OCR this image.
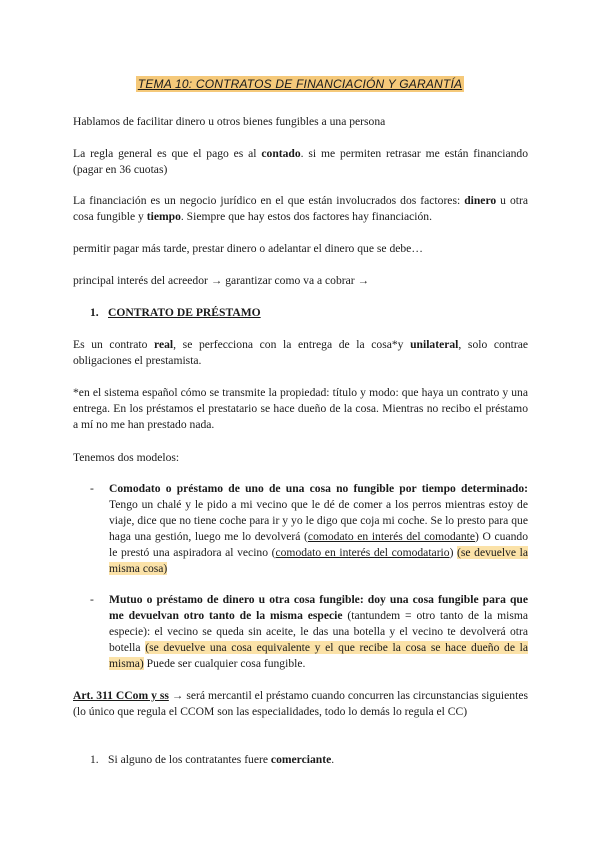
TEMA 10: CONTRATOS DE FINANCIACIÓN Y GARANTÍA

Hablamos de facilitar dinero u otros bienes fungibles a una persona

La regla general es que el pago es al contado. si me permiten retrasar me están financiando (pagar en 36 cuotas)

La financiación es un negocio jurídico en el que están involucrados dos factores: dinero u otra cosa fungible y tiempo. Siempre que hay estos dos factores hay financiación.

permitir pagar más tarde, prestar dinero o adelantar el dinero que se debe…

principal interés del acreedor → garantizar como va a cobrar →

1. CONTRATO DE PRÉSTAMO

Es un contrato real, se perfecciona con la entrega de la cosa*y unilateral, solo contrae obligaciones el prestamista.

*en el sistema español cómo se transmite la propiedad: título y modo: que haya un contrato y una entrega. En los préstamos el prestatario se hace dueño de la cosa. Mientras no recibo el préstamo a mí no me han prestado nada.

Tenemos dos modelos:

- Comodato o préstamo de uno de una cosa no fungible por tiempo determinado: Tengo un chalé y le pido a mi vecino que le dé de comer a los perros mientras estoy de viaje, dice que no tiene coche para ir y yo le digo que coja mi coche. Se lo presto para que haga una gestión, luego me lo devolverá (comodato en interés del comodante) O cuando le prestó una aspiradora al vecino (comodato en interés del comodatario) (se devuelve la misma cosa)
- Mutuo o préstamo de dinero u otra cosa fungible: doy una cosa fungible para que me devuelvan otro tanto de la misma especie (tantundem = otro tanto de la misma especie): el vecino se queda sin aceite, le das una botella y el vecino te devolverá otra botella (se devuelve una cosa equivalente y el que recibe la cosa se hace dueño de la misma) Puede ser cualquier cosa fungible.

Art. 311 CCom y ss → será mercantil el préstamo cuando concurren las circunstancias siguientes (lo único que regula el CCOM son las especialidades, todo lo demás lo regula el CC)

1. Si alguno de los contratantes fuere comerciante.
